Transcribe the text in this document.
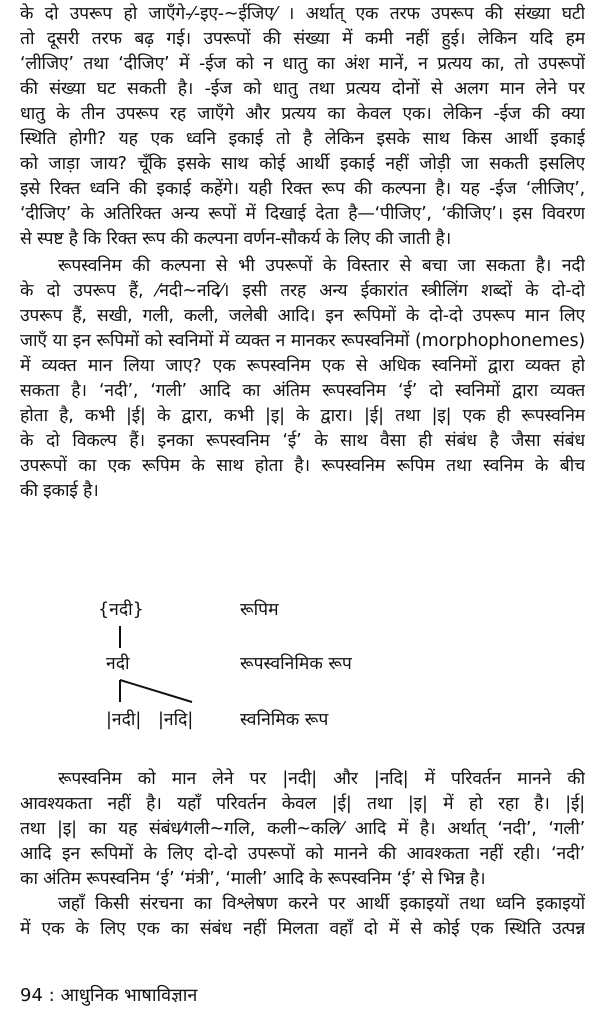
के दो उपरूप हो जाएँगे-⁄-इए-~ईजिए⁄ । अर्थात् एक तरफ उपरूप की संख्या घटी
तो दूसरी तरफ बढ़ गई। उपरूपों की संख्या में कमी नहीं हुई। लेकिन यदि हम
‘लीजिए’ तथा ‘दीजिए’ में -ईज को न धातु का अंश मानें, न प्रत्यय का, तो उपरूपों
की संख्या घट सकती है। -ईज को धातु तथा प्रत्यय दोनों से अलग मान लेने पर
धातु के तीन उपरूप रह जाएँगे और प्रत्यय का केवल एक। लेकिन -ईज की क्या
स्थिति होगी? यह एक ध्वनि इकाई तो है लेकिन इसके साथ किस आर्थी इकाई
को जाड़ा जाय? चूँकि इसके साथ कोई आर्थी इकाई नहीं जोड़ी जा सकती इसलिए
इसे रिक्त ध्वनि की इकाई कहेंगे। यही रिक्त रूप की कल्पना है। यह -ईज ‘लीजिए’,
‘दीजिए’ के अतिरिक्त अन्य रूपों में दिखाई देता है—‘पीजिए’, ‘कीजिए’। इस विवरण
से स्पष्ट है कि रिक्त रूप की कल्पना वर्णन-सौकर्य के लिए की जाती है।
रूपस्वनिम की कल्पना से भी उपरूपों के विस्तार से बचा जा सकता है। नदी
के दो उपरूप हैं, ⁄नदी~नदि⁄। इसी तरह अन्य ईकारांत स्त्रीलिंग शब्दों के दो-दो
उपरूप हैं, सखी, गली, कली, जलेबी आदि। इन रूपिमों के दो-दो उपरूप मान लिए
जाएँ या इन रूपिमों को स्वनिमों में व्यक्त न मानकर रूपस्वनिमों (morphophonemes)
में व्यक्त मान लिया जाए? एक रूपस्वनिम एक से अधिक स्वनिमों द्वारा व्यक्त हो
सकता है। ‘नदी’, ‘गली’ आदि का अंतिम रूपस्वनिम ‘ई’ दो स्वनिमों द्वारा व्यक्त
होता है, कभी |ई| के द्वारा, कभी |इ| के द्वारा। |ई| तथा |इ| एक ही रूपस्वनिम
के दो विकल्प हैं। इनका रूपस्वनिम ‘ई’ के साथ वैसा ही संबंध है जैसा संबंध
उपरूपों का एक रूपिम के साथ होता है। रूपस्वनिम रूपिम तथा स्वनिम के बीच
की इकाई है।
{नदी}
नदी
|नदी| |नदि|
रूपिम
रूपस्वनिमिक रूप
स्वनिमिक रूप
रूपस्वनिम को मान लेने पर |नदी| और |नदि| में परिवर्तन मानने की
आवश्यकता नहीं है। यहाँ परिवर्तन केवल |ई| तथा |इ| में हो रहा है। |ई|
तथा |इ| का यह संबंध⁄गली~गलि, कली~कलि⁄ आदि में है। अर्थात् ‘नदी’, ‘गली’
आदि इन रूपिमों के लिए दो-दो उपरूपों को मानने की आवश्कता नहीं रही। ‘नदी’
का अंतिम रूपस्वनिम ‘ई’ ‘मंत्री’, ‘माली’ आदि के रूपस्वनिम ‘ई’ से भिन्न है।
जहाँ किसी संरचना का विश्लेषण करने पर आर्थी इकाइयों तथा ध्वनि इकाइयों
में एक के लिए एक का संबंध नहीं मिलता वहाँ दो में से कोई एक स्थिति उत्पन्न
94 : आधुनिक भाषाविज्ञान
